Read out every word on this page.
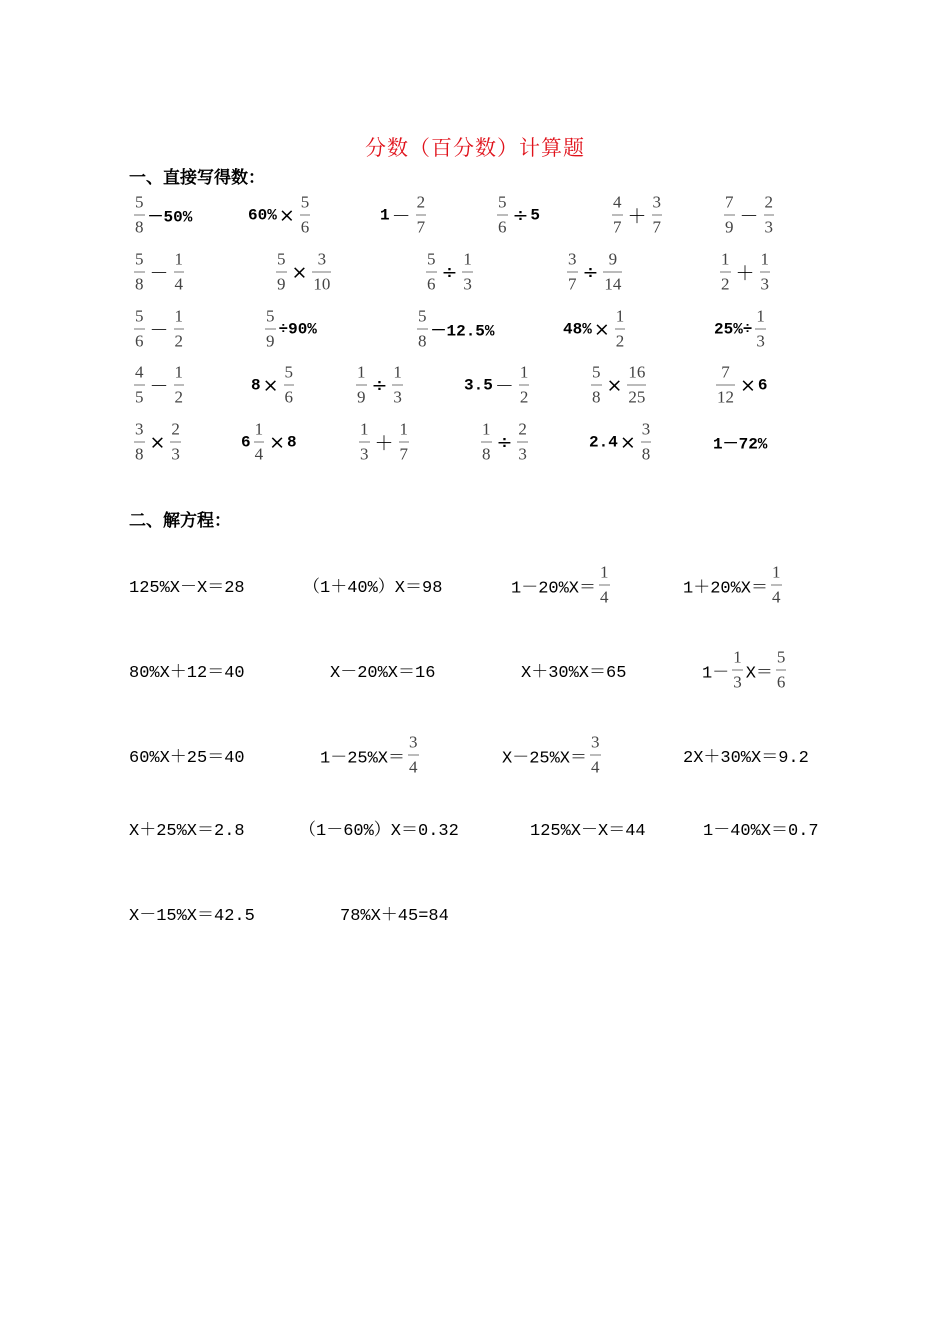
分数（百分数）计算题
一、直接写得数：
二、解方程：
$\frac{5}{8} -50\%$	$60\% \times \frac{5}{6}$	$1 - \frac{2}{7}$	$\frac{5}{6} \div 5$	$\frac{4}{7} + \frac{3}{7}$	$\frac{7}{9} - \frac{2}{3}$
$\frac{5}{8} - \frac{1}{4}$	$\frac{5}{9} \times \frac{3}{10}$	$\frac{5}{6} \div \frac{1}{3}$	$\frac{3}{7} \div \frac{9}{14}$	$\frac{1}{2} + \frac{1}{3}$
$\frac{5}{6} - \frac{1}{2}$	$\frac{5}{9} \div 90\%$	$\frac{5}{8} -12.5\%$	$48\% \times \frac{1}{2}$	$25\%\div \frac{1}{3}$
$\frac{4}{5} - \frac{1}{2}$	$8 \times \frac{5}{6}$	$\frac{1}{9} \div \frac{1}{3}$	$3.5 - \frac{1}{2}$	$\frac{5}{8} \times \frac{16}{25}$	$\frac{7}{12} \times 6$
$\frac{3}{8} \times \frac{2}{3}$	$6 \frac{1}{4} \times 8$	$\frac{1}{3} + \frac{1}{7}$	$\frac{1}{8} \div \frac{2}{3}$	$2.4 \times \frac{3}{8}$	1－72%
125%X－X＝28	（1＋40%）X＝98	$1-20\%X= \frac{1}{4}$	$1+20\%X= \frac{1}{4}$
80%X＋12＝40	X－20%X＝16	X＋30%X＝65	$1- \frac{1}{3} X= \frac{5}{6}$
60%X＋25＝40	$1-25\%X= \frac{3}{4}$	$X-25\%X= \frac{3}{4}$	2X＋30%X＝9.2
X＋25%X＝2.8	（1－60%）X＝0.32	125%X－X＝44	1－40%X＝0.7
X－15%X＝42.5	78%X＋45=84
